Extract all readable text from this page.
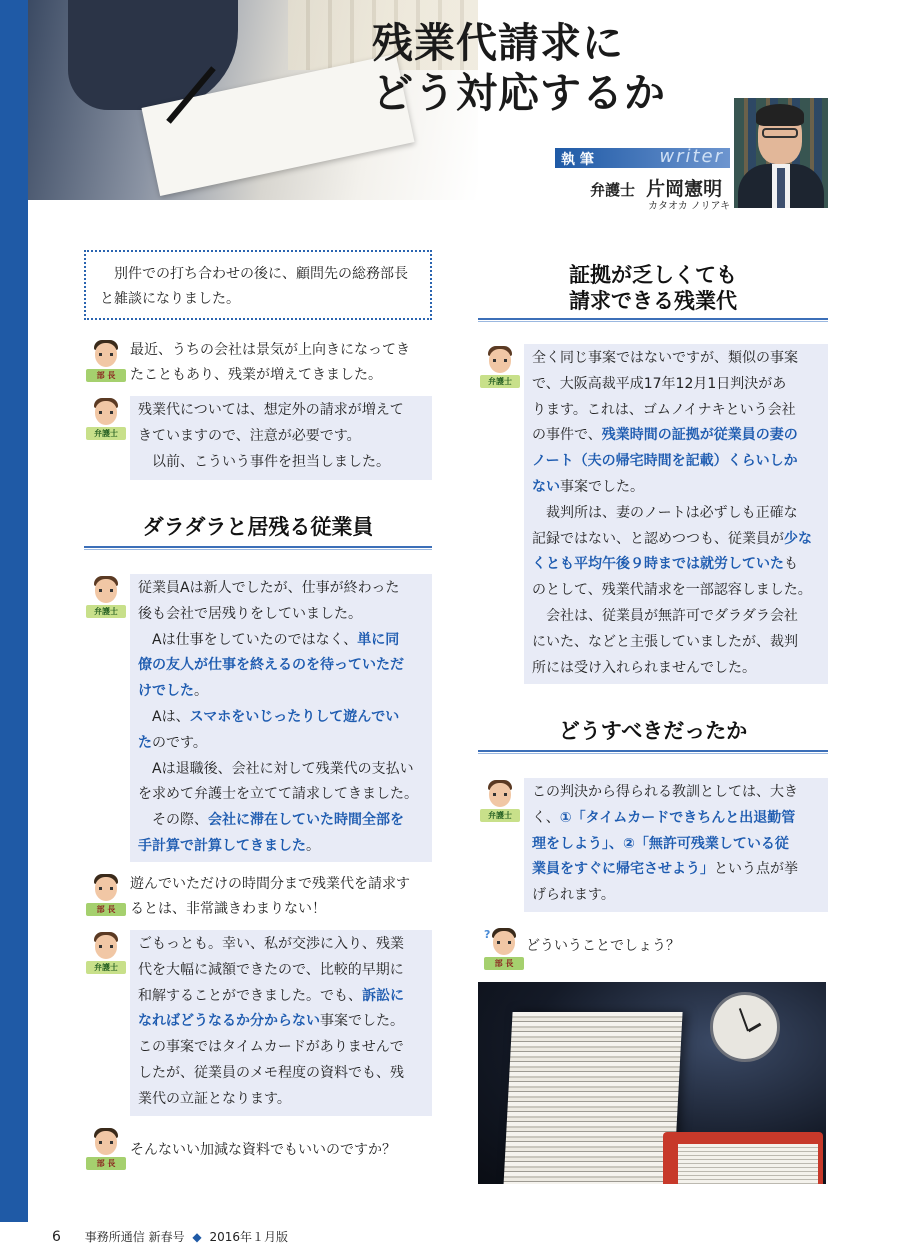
残業代請求に
どう対応するか
執 筆	writer
弁護士 片岡憲明
カタオカ ノリアキ
別件での打ち合わせの後に、顧問先の総務部長と雑談になりました。
部 長
最近、うちの会社は景気が上向きになってき
たこともあり、残業が増えてきました。
弁護士

残業代については、想定外の請求が増えて

きていますので、注意が必要です。

以前、こういう事件を担当しました。

ダラダラと居残る従業員
弁護士

従業員Aは新人でしたが、仕事が終わった

後も会社で居残りをしていました。

Aは仕事をしていたのではなく、単に同

僚の友人が仕事を終えるのを待っていただ

けでした。

Aは、スマホをいじったりして遊んでい

たのです。

Aは退職後、会社に対して残業代の支払い

を求めて弁護士を立てて請求してきました。

その際、会社に滞在していた時間全部を

手計算で計算してきました。

部 長
遊んでいただけの時間分まで残業代を請求す
るとは、非常識きわまりない！
弁護士

ごもっとも。幸い、私が交渉に入り、残業

代を大幅に減額できたので、比較的早期に

和解することができました。でも、訴訟に

なればどうなるか分からない事案でした。

この事案ではタイムカードがありませんで

したが、従業員のメモ程度の資料でも、残

業代の立証となります。

部 長
そんないい加減な資料でもいいのですか？
証拠が乏しくても
請求できる残業代
弁護士

全く同じ事案ではないですが、類似の事案

で、大阪高裁平成17年12月1日判決があ

ります。これは、ゴムノイナキという会社

の事件で、残業時間の証拠が従業員の妻の

ノート（夫の帰宅時間を記載）くらいしか

ない事案でした。

裁判所は、妻のノートは必ずしも正確な

記録ではない、と認めつつも、従業員が少な

くとも平均午後９時までは就労していたも

のとして、残業代請求を一部認容しました。

会社は、従業員が無許可でダラダラ会社

にいた、などと主張していましたが、裁判

所には受け入れられませんでした。

どうすべきだったか
弁護士

この判決から得られる教訓としては、大き

く、①「タイムカードできちんと出退勤管

理をしよう」、②「無許可残業している従

業員をすぐに帰宅させよう」という点が挙

げられます。

?
部 長
どういうことでしょう？
6 事務所通信 新春号 ◆ 2016年１月版
